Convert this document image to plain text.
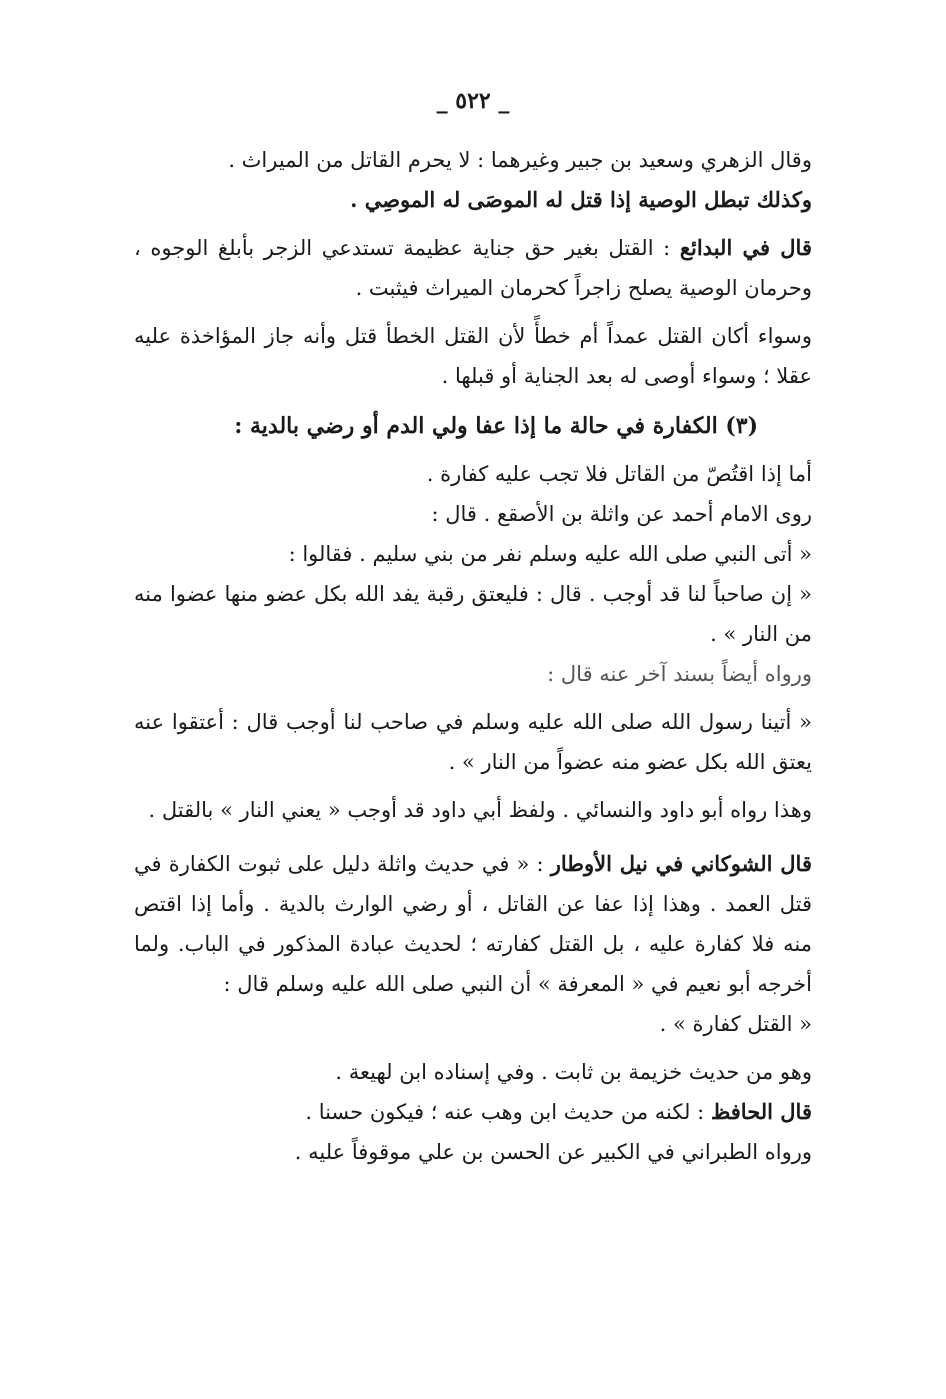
_ ٥٢٢ _

وقال الزهري وسعيد بن جبير وغيرهما : لا يحرم القاتل من الميراث .

وكذلك تبطل الوصية إذا قتل له الموصَى له الموصِي .

قال في البدائع : القتل بغير حق جناية عظيمة تستدعي الزجر بأبلغ الوجوه ، وحرمان الوصية يصلح زاجراً كحرمان الميراث فيثبت .

وسواء أكان القتل عمداً أم خطأً لأن القتل الخطأ قتل وأنه جاز المؤاخذة عليه عقلا ؛ وسواء أوصى له بعد الجناية أو قبلها .

(٣) الكفارة في حالة ما إذا عفا ولي الدم أو رضي بالدية :

أما إذا اقتُصّ من القاتل فلا تجب عليه كفارة .

روى الامام أحمد عن واثلة بن الأصقع . قال :

« أتى النبي صلى الله عليه وسلم نفر من بني سليم . فقالوا :

« إن صاحباً لنا قد أوجب . قال : فليعتق رقبة يفد الله بكل عضو منها عضوا منه من النار » .

ورواه أيضاً بسند آخر عنه قال :

« أتينا رسول الله صلى الله عليه وسلم في صاحب لنا أوجب قال : أعتقوا عنه يعتق الله بكل عضو منه عضواً من النار » .

وهذا رواه أبو داود والنسائي . ولفظ أبي داود قد أوجب « يعني النار » بالقتل .

قال الشوكاني في نيل الأوطار : « في حديث واثلة دليل على ثبوت الكفارة في قتل العمد . وهذا إذا عفا عن القاتل ، أو رضي الوارث بالدية . وأما إذا اقتص منه فلا كفارة عليه ، بل القتل كفارته ؛ لحديث عبادة المذكور في الباب. ولما أخرجه أبو نعيم في « المعرفة » أن النبي صلى الله عليه وسلم قال :

« القتل كفارة » .

وهو من حديث خزيمة بن ثابت . وفي إسناده ابن لهيعة .

قال الحافظ : لكنه من حديث ابن وهب عنه ؛ فيكون حسنا .

ورواه الطبراني في الكبير عن الحسن بن علي موقوفاً عليه .
